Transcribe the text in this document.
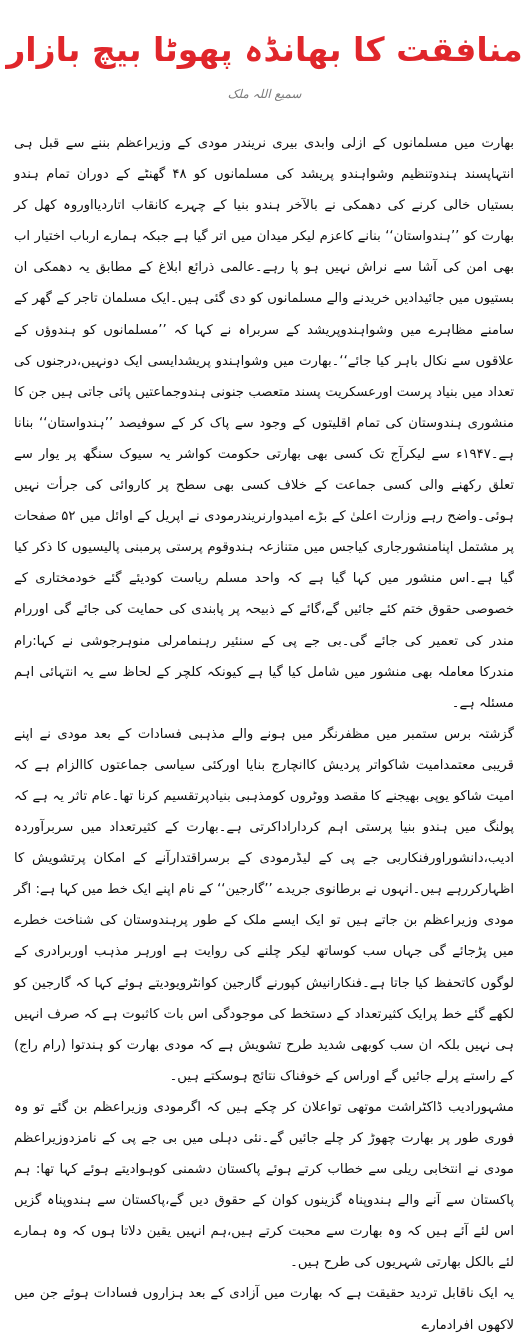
منافقت کا بھانڈہ پھوٹا بیچ بازار
سمیع اللہ ملک

بھارت میں مسلمانوں کے ازلی وابدی بیری نریندر مودی کے وزیراعظم بننے سے قبل ہی انتہاپسند ہندوتنظیم وشواہندو پریشد کی مسلمانوں کو ۴۸ گھنٹے کے دوران تمام ہندو بستیاں خالی کرنے کی دھمکی نے بالآخر ہندو بنیا کے چہرے کانقاب اتاردیااوروہ کھل کر بھارت کو ’’ہندواستان‘‘ بنانے کاعزم لیکر میدان میں اتر گیا ہے جبکہ ہمارے ارباب اختیار اب بھی امن کی آشا سے نراش نہیں ہو پا رہے۔عالمی ذرائع ابلاغ کے مطابق یہ دھمکی ان بستیوں میں جائیدادیں خریدنے والے مسلمانوں کو دی گئی ہیں۔ایک مسلمان تاجر کے گھر کے سامنے مظاہرے میں وشواہندوپریشد کے سربراہ نے کہا کہ ’’مسلمانوں کو ہندوؤں کے علاقوں سے نکال باہر کیا جائے‘‘۔بھارت میں وشواہندو پریشدایسی ایک دونہیں،درجنوں کی تعداد میں بنیاد پرست اورعسکریت پسند متعصب جنونی ہندوجماعتیں پائی جاتی ہیں جن کا منشوری ہندوستان کی تمام اقلیتوں کے وجود سے پاک کر کے سوفیصد ’’ہندواستان‘‘ بنانا ہے۔۱۹۴۷ء سے لیکرآج تک کسی بھی بھارتی حکومت کواشر یہ سیوک سنگھ پر یوار سے تعلق رکھنے والی کسی جماعت کے خلاف کسی بھی سطح پر کاروائی کی جرأت نہیں ہوئی۔واضح رہے وزارت اعلیٰ کے بڑے امیدوارنریندرمودی نے اپریل کے اوائل میں ۵۲ صفحات پر مشتمل اپنامنشورجاری کیاجس میں متنازعہ ہندوقوم پرستی پرمبنی پالیسیوں کا ذکر کیا گیا ہے۔اس منشور میں کہا گیا ہے کہ واحد مسلم ریاست کودیئے گئے خودمختاری کے خصوصی حقوق ختم کئے جائیں گے،گائے کے ذبیحہ پر پابندی کی حمایت کی جائے گی اوررام مندر کی تعمیر کی جائے گی۔بی جے پی کے سنئیر رہنمامرلی منوہرجوشی نے کہا:رام مندرکا معاملہ بھی منشور میں شامل کیا گیا ہے کیونکہ کلچر کے لحاظ سے یہ انتہائی اہم مسئلہ ہے۔

گزشتہ برس ستمبر میں مظفرنگر میں ہونے والے مذہبی فسادات کے بعد مودی نے اپنے قریبی معتمدامیت شاکواتر پردیش کاانچارج بنایا اورکئی سیاسی جماعتوں کاالزام ہے کہ امیت شاکو یوپی بھیجنے کا مقصد ووٹروں کومذہبی بنیادپرتقسیم کرنا تھا۔عام تاثر یہ ہے کہ پولنگ میں ہندو بنیا پرستی اہم کرداراداکرتی ہے۔بھارت کے کثیرتعداد میں سربرآوردہ ادیب،دانشوراورفنکاربی جے پی کے لیڈرمودی کے برسراقتدارآنے کے امکان پرتشویش کا اظہارکررہے ہیں۔انہوں نے برطانوی جریدے ’’گارجین‘‘ کے نام اپنے ایک خط میں کہا ہے: اگر مودی وزیراعظم بن جاتے ہیں تو ایک ایسے ملک کے طور پرہندوستان کی شناخت خطرے میں پڑجائے گی جہاں سب کوساتھ لیکر چلنے کی روایت ہے اورہر مذہب اوربرادری کے لوگوں کاتحفظ کیا جاتا ہے۔فنکارانیش کپورنے گارجین کوانٹرویودیتے ہوئے کہا کہ گارجین کو لکھے گئے خط پرایک کثیرتعداد کے دستخط کی موجودگی اس بات کاثبوت ہے کہ صرف انہیں ہی نہیں بلکہ ان سب کوبھی شدید طرح تشویش ہے کہ مودی بھارت کو ہندتوا (رام راج) کے راستے پرلے جائیں گے اوراس کے خوفناک نتائج ہوسکتے ہیں۔

مشہورادیب ڈاکٹراشت موتھی تواعلان کر چکے ہیں کہ اگرمودی وزیراعظم بن گئے تو وہ فوری طور پر بھارت چھوڑ کر چلے جائیں گے۔نئی دہلی میں بی جے پی کے نامزدوزیراعظم مودی نے انتخابی ریلی سے خطاب کرتے ہوئے پاکستان دشمنی کوہوادیتے ہوئے کہا تھا: ہم پاکستان سے آنے والے ہندوپناہ گزینوں کوان کے حقوق دیں گے،پاکستان سے ہندوپناہ گزیں اس لئے آئے ہیں کہ وہ بھارت سے محبت کرتے ہیں،ہم انہیں یقین دلاتا ہوں کہ وہ ہمارے لئے بالکل بھارتی شہریوں کی طرح ہیں۔

یہ ایک ناقابل تردید حقیقت ہے کہ بھارت میں آزادی کے بعد ہزاروں فسادات ہوئے جن میں لاکھوں افرادمارے
